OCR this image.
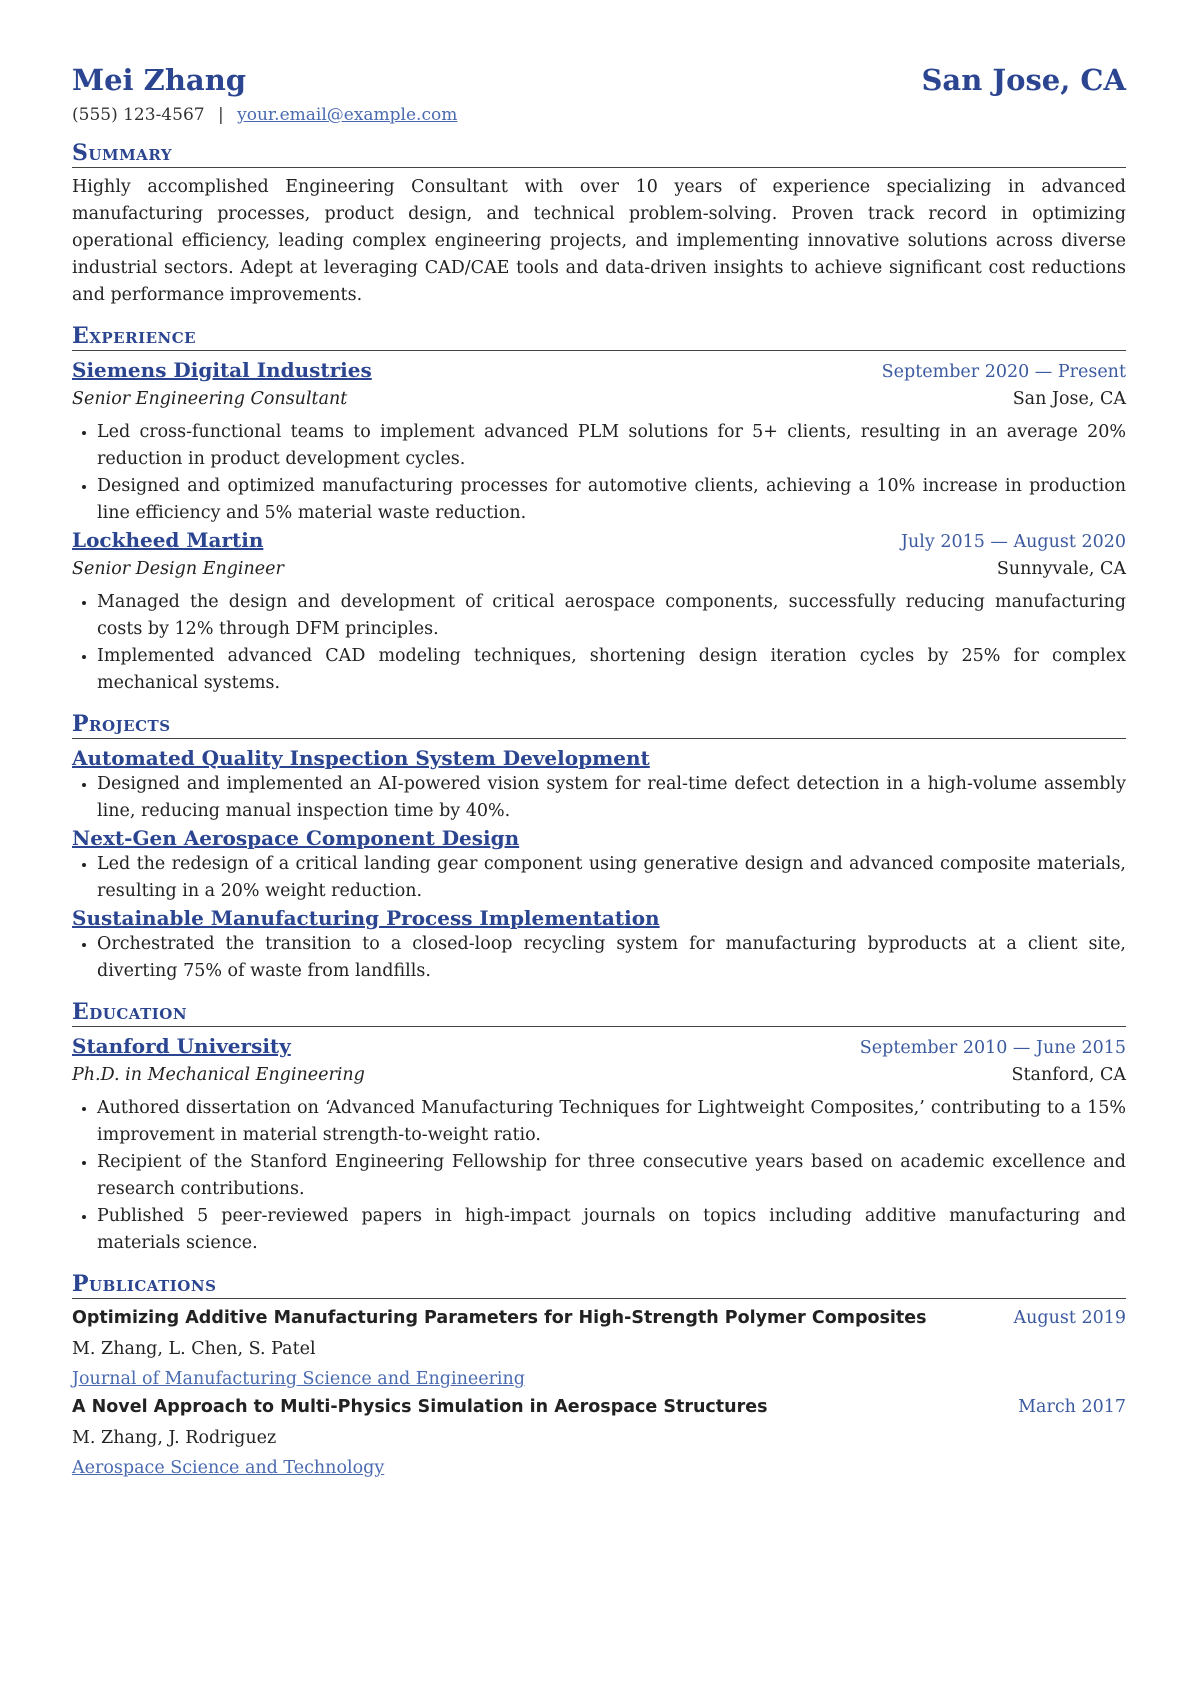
Mei Zhang	San Jose, CA
(555) 123-4567 | your.email@example.com
Summary
Highly accomplished Engineering Consultant with over 10 years of experience specializing in advanced manufacturing processes, product design, and technical problem-solving. Proven track record in optimizing operational efficiency, leading complex engineering projects, and implementing innovative solutions across diverse industrial sectors. Adept at leveraging CAD/CAE tools and data-driven insights to achieve significant cost reductions and performance improvements.
Experience
Siemens Digital Industries	September 2020 — Present
Senior Engineering Consultant	San Jose, CA
• Led cross-functional teams to implement advanced PLM solutions for 5+ clients, resulting in an average 20% reduction in product development cycles.
• Designed and optimized manufacturing processes for automotive clients, achieving a 10% increase in production line efficiency and 5% material waste reduction.
Lockheed Martin	July 2015 — August 2020
Senior Design Engineer	Sunnyvale, CA
• Managed the design and development of critical aerospace components, successfully reducing manufacturing costs by 12% through DFM principles.
• Implemented advanced CAD modeling techniques, shortening design iteration cycles by 25% for complex mechanical systems.
Projects
Automated Quality Inspection System Development
• Designed and implemented an AI-powered vision system for real-time defect detection in a high-volume assembly line, reducing manual inspection time by 40%.
Next-Gen Aerospace Component Design
• Led the redesign of a critical landing gear component using generative design and advanced composite materials, resulting in a 20% weight reduction.
Sustainable Manufacturing Process Implementation
• Orchestrated the transition to a closed-loop recycling system for manufacturing byproducts at a client site, diverting 75% of waste from landfills.
Education
Stanford University	September 2010 — June 2015
Ph.D. in Mechanical Engineering	Stanford, CA
• Authored dissertation on ‘Advanced Manufacturing Techniques for Lightweight Composites,’ contributing to a 15% improvement in material strength-to-weight ratio.
• Recipient of the Stanford Engineering Fellowship for three consecutive years based on academic excellence and research contributions.
• Published 5 peer-reviewed papers in high-impact journals on topics including additive manufacturing and materials science.
Publications
Optimizing Additive Manufacturing Parameters for High-Strength Polymer Composites	August 2019
M. Zhang, L. Chen, S. Patel
Journal of Manufacturing Science and Engineering
A Novel Approach to Multi-Physics Simulation in Aerospace Structures	March 2017
M. Zhang, J. Rodriguez
Aerospace Science and Technology
